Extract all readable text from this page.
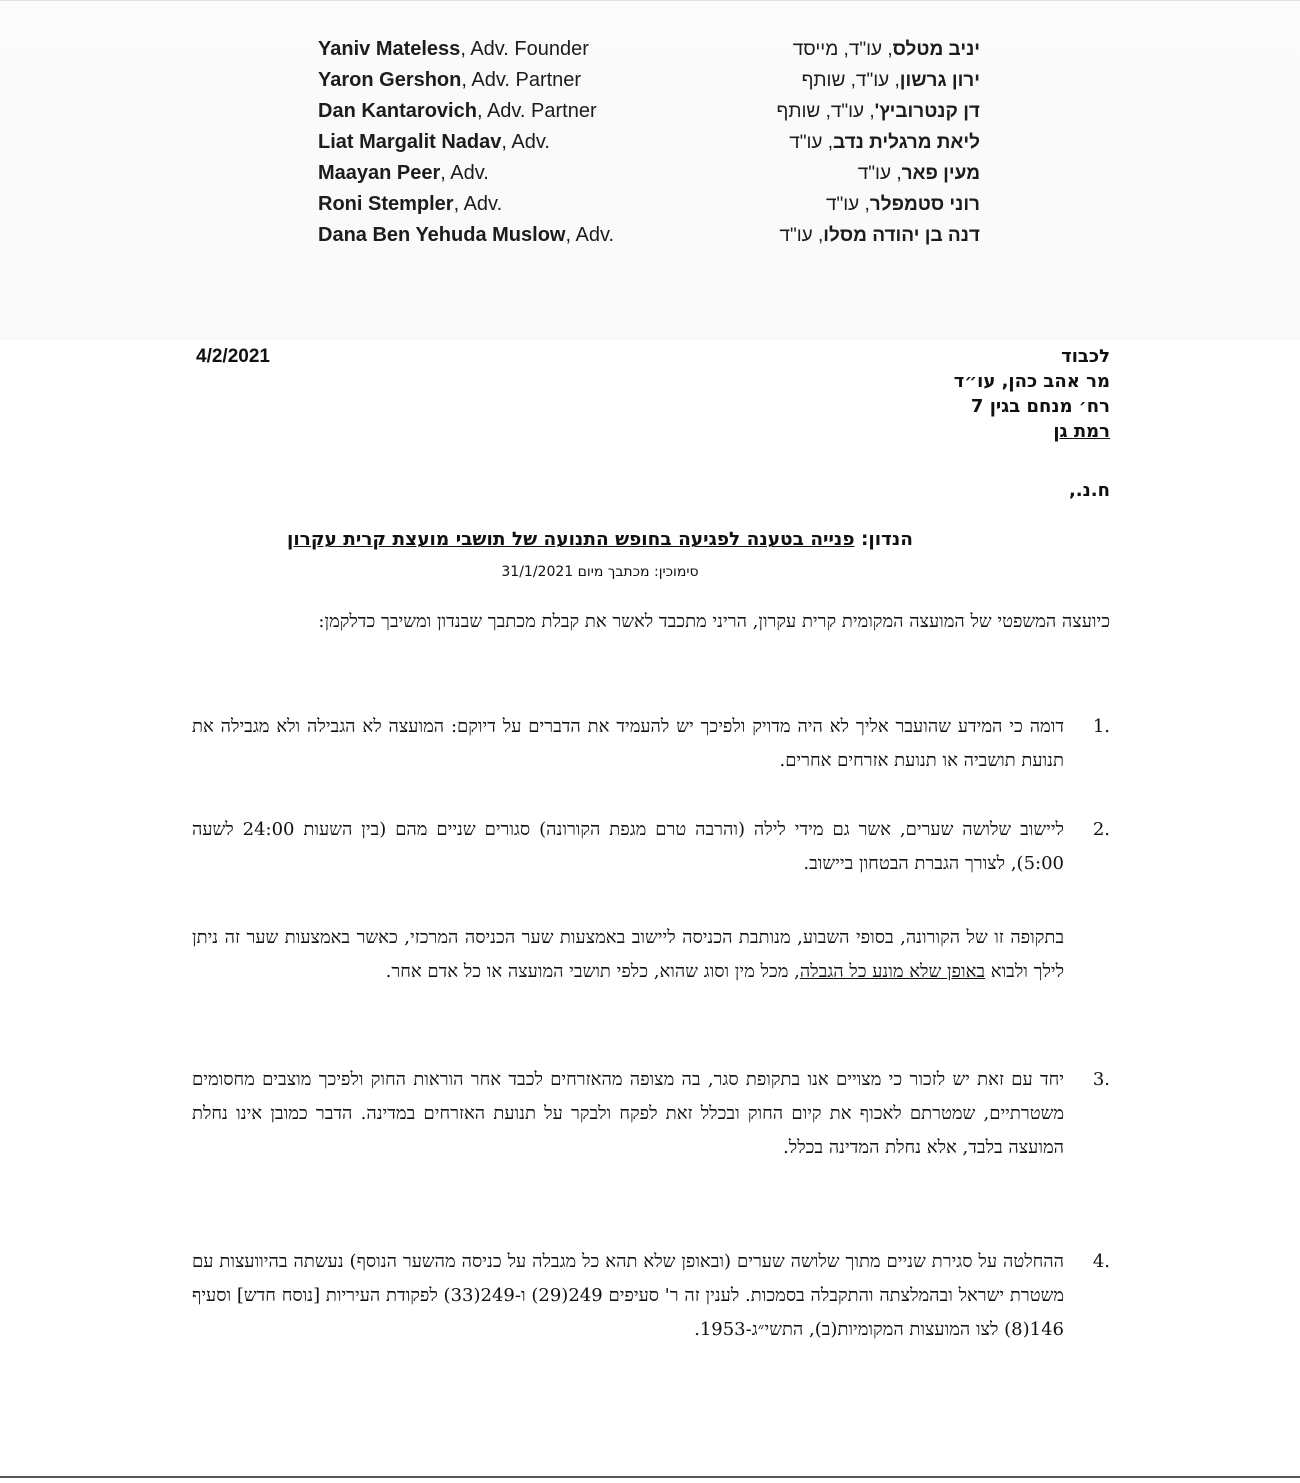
Yaniv Mateless, Adv. Founder
Yaron Gershon, Adv. Partner
Dan Kantarovich, Adv. Partner
Liat Margalit Nadav, Adv.
Maayan Peer, Adv.
Roni Stempler, Adv.
Dana Ben Yehuda Muslow, Adv.
יניב מטלס, עו"ד, מייסד
ירון גרשון, עו"ד, שותף
דן קנטרוביץ', עו"ד, שותף
ליאת מרגלית נדב, עו"ד
מעין פאר, עו"ד
רוני סטמפלר, עו"ד
דנה בן יהודה מסלו, עו"ד
4/2/2021	לכבוד
מר אהב כהן, עו״ד
רח׳ מנחם בגין 7
רמת גן
ח.נ.,
הנדון: פנייה בטענה לפגיעה בחופש התנועה של תושבי מועצת קרית עקרון
סימוכין: מכתבך מיום 31/1/2021
כיועצה המשפטי של המועצה המקומית קרית עקרון, הריני מתכבד לאשר את קבלת מכתבך שבנדון ומשיבך כדלקמן:
1.
דומה כי המידע שהועבר אליך לא היה מדויק ולפיכך יש להעמיד את הדברים על דיוקם: המועצה לא הגבילה ולא מגבילה את תנועת תושביה או תנועת אזרחים אחרים.
2.
ליישוב שלושה שערים, אשר גם מידי לילה (והרבה טרם מגפת הקורונה) סגורים שניים מהם (בין השעות 24:00 לשעה 5:00), לצורך הגברת הבטחון ביישוב.
בתקופה זו של הקורונה, בסופי השבוע, מנותבת הכניסה ליישוב באמצעות שער הכניסה המרכזי, כאשר באמצעות שער זה ניתן לילך ולבוא באופן שלא מונע כל הגבלה, מכל מין וסוג שהוא, כלפי תושבי המועצה או כל אדם אחר.
3.
יחד עם זאת יש לזכור כי מצויים אנו בתקופת סגר, בה מצופה מהאזרחים לכבד אחר הוראות החוק ולפיכך מוצבים מחסומים משטרתיים, שמטרתם לאכוף את קיום החוק ובכלל זאת לפקח ולבקר על תנועת האזרחים במדינה. הדבר כמובן אינו נחלת המועצה בלבד, אלא נחלת המדינה בכלל.
4.
ההחלטה על סגירת שניים מתוך שלושה שערים (ובאופן שלא תהא כל מגבלה על כניסה מהשער הנוסף) נעשתה בהיוועצות עם משטרת ישראל ובהמלצתה והתקבלה בסמכות. לענין זה ר' סעיפים 249(29) ו-249(33) לפקודת העיריות [נוסח חדש] וסעיף 146(8) לצו המועצות המקומיות(ב), התשי״ג-1953.
